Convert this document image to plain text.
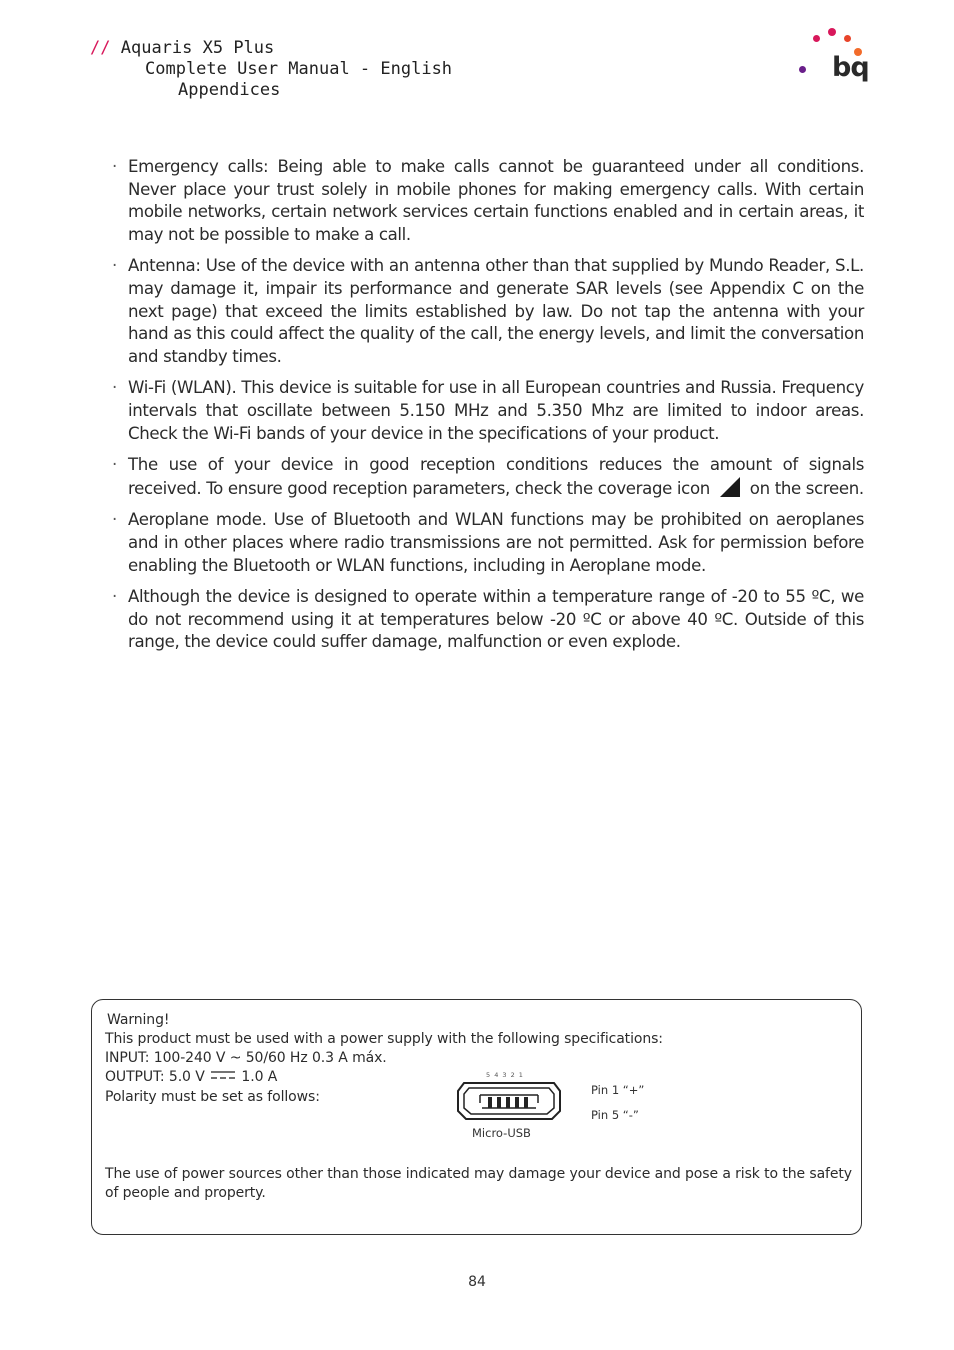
// Aquaris X5 Plus
Complete User Manual - English
Appendices
bq
· Emergency calls: Being able to make calls cannot be guaranteed under all conditions. Never place your trust solely in mobile phones for making emergency calls. With certain mobile networks, certain network services certain functions enabled and in certain areas, it may not be possible to make a call.
· Antenna: Use of the device with an antenna other than that supplied by Mundo Reader, S.L. may damage it, impair its performance and generate SAR levels (see Appendix C on the next page) that exceed the limits established by law. Do not tap the antenna with your hand as this could affect the quality of the call, the energy levels, and limit the conversation and standby times.
· Wi-Fi (WLAN). This device is suitable for use in all European countries and Russia. Frequency intervals that oscillate between 5.150 MHz and 5.350 Mhz are limited to indoor areas. Check the Wi-Fi bands of your device in the specifications of your product.
· The use of your device in good reception conditions reduces the amount of signals received. To ensure good reception parameters, check the coverage icon on the screen.
· Aeroplane mode. Use of Bluetooth and WLAN functions may be prohibited on aeroplanes and in other places where radio transmissions are not permitted. Ask for permission before enabling the Bluetooth or WLAN functions, including in Aeroplane mode.
· Although the device is designed to operate within a temperature range of -20 to 55 ºC, we do not recommend using it at temperatures below -20 ºC or above 40 ºC. Outside of this range, the device could suffer damage, malfunction or even explode.
Warning!
This product must be used with a power supply with the following specifications:
INPUT: 100-240 V ~ 50/60 Hz 0.3 A máx.
OUTPUT: 5.0 V	1.0 A
Polarity must be set as follows:
5 4 3 2 1
Micro-USB
Pin 1 “+”
Pin 5 “-”
The use of power sources other than those indicated may damage your device and pose a risk to the safety of people and property.
84
